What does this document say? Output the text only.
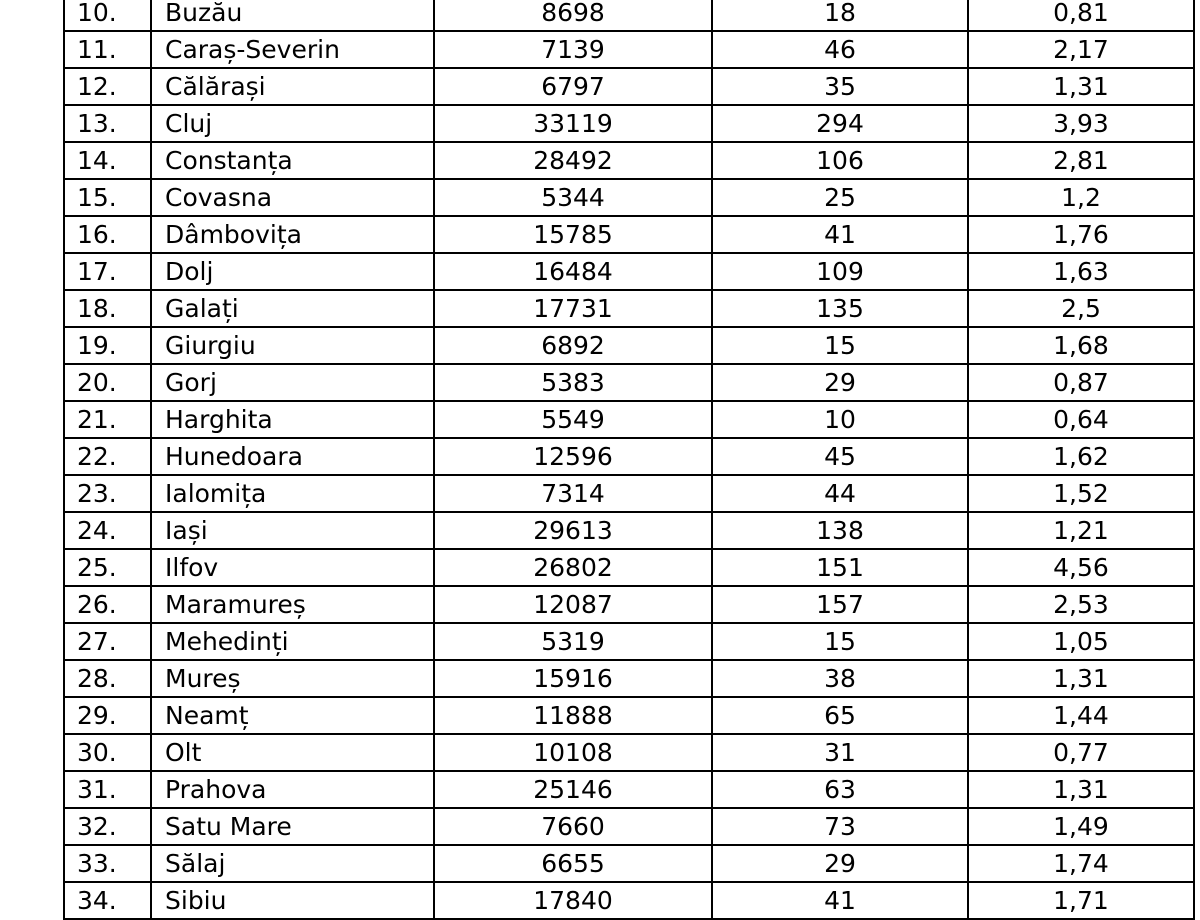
10.	Buzău	8698	18	0,81
11.	Caraș-Severin	7139	46	2,17
12.	Călărași	6797	35	1,31
13.	Cluj	33119	294	3,93
14.	Constanța	28492	106	2,81
15.	Covasna	5344	25	1,2
16.	Dâmbovița	15785	41	1,76
17.	Dolj	16484	109	1,63
18.	Galați	17731	135	2,5
19.	Giurgiu	6892	15	1,68
20.	Gorj	5383	29	0,87
21.	Harghita	5549	10	0,64
22.	Hunedoara	12596	45	1,62
23.	Ialomița	7314	44	1,52
24.	Iași	29613	138	1,21
25.	Ilfov	26802	151	4,56
26.	Maramureș	12087	157	2,53
27.	Mehedinți	5319	15	1,05
28.	Mureș	15916	38	1,31
29.	Neamț	11888	65	1,44
30.	Olt	10108	31	0,77
31.	Prahova	25146	63	1,31
32.	Satu Mare	7660	73	1,49
33.	Sălaj	6655	29	1,74
34.	Sibiu	17840	41	1,71
